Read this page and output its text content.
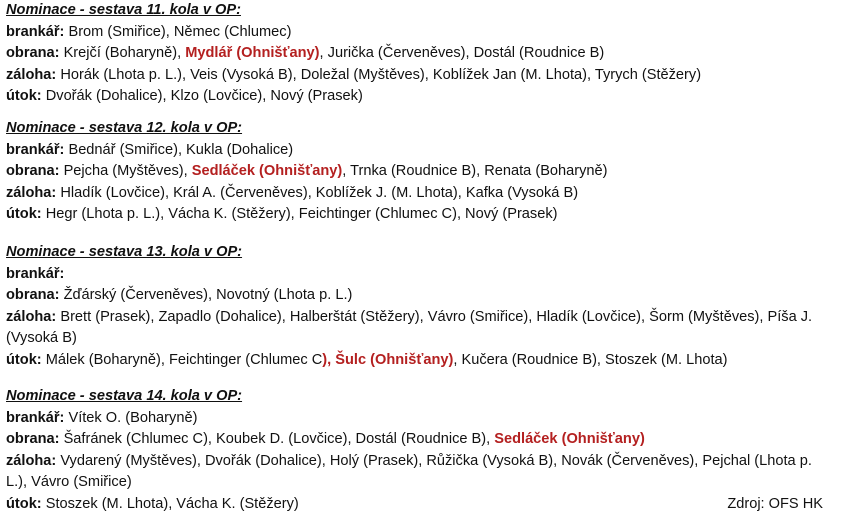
Nominace - sestava 11. kola v OP:
brankář: Brom (Smiřice), Němec (Chlumec)
obrana: Krejčí (Boharyně), Mydlář (Ohnišťany), Jurička (Červeněves), Dostál (Roudnice B)
záloha: Horák (Lhota p. L.), Veis (Vysoká B), Doležal (Myštěves), Koblížek Jan (M. Lhota), Tyrych (Stěžery)
útok: Dvořák (Dohalice), Klzo (Lovčice), Nový (Prasek)
Nominace - sestava 12. kola v OP:
brankář: Bednář (Smiřice), Kukla (Dohalice)
obrana: Pejcha (Myštěves), Sedláček (Ohnišťany), Trnka (Roudnice B), Renata (Boharyně)
záloha: Hladík (Lovčice), Král A. (Červeněves), Koblížek J. (M. Lhota), Kafka (Vysoká B)
útok: Hegr (Lhota p. L.), Vácha K. (Stěžery), Feichtinger (Chlumec C), Nový (Prasek)
Nominace - sestava 13. kola v OP:
brankář:
obrana: Žďárský (Červeněves), Novotný (Lhota p. L.)
záloha: Brett (Prasek), Zapadlo (Dohalice), Halberštát (Stěžery), Vávro (Smiřice), Hladík (Lovčice), Šorm (Myštěves), Píša J. (Vysoká B)
útok: Málek (Boharyně), Feichtinger (Chlumec C), Šulc (Ohnišťany), Kučera (Roudnice B), Stoszek (M. Lhota)
Nominace - sestava 14. kola v OP:
brankář: Vítek O. (Boharyně)
obrana: Šafránek (Chlumec C), Koubek D. (Lovčice), Dostál (Roudnice B), Sedláček (Ohnišťany)
záloha: Vydarený (Myštěves), Dvořák (Dohalice), Holý (Prasek), Růžička (Vysoká B), Novák (Červeněves), Pejchal (Lhota p. L.), Vávro (Smiřice)
útok: Stoszek (M. Lhota), Vácha K. (Stěžery)	Zdroj: OFS HK
